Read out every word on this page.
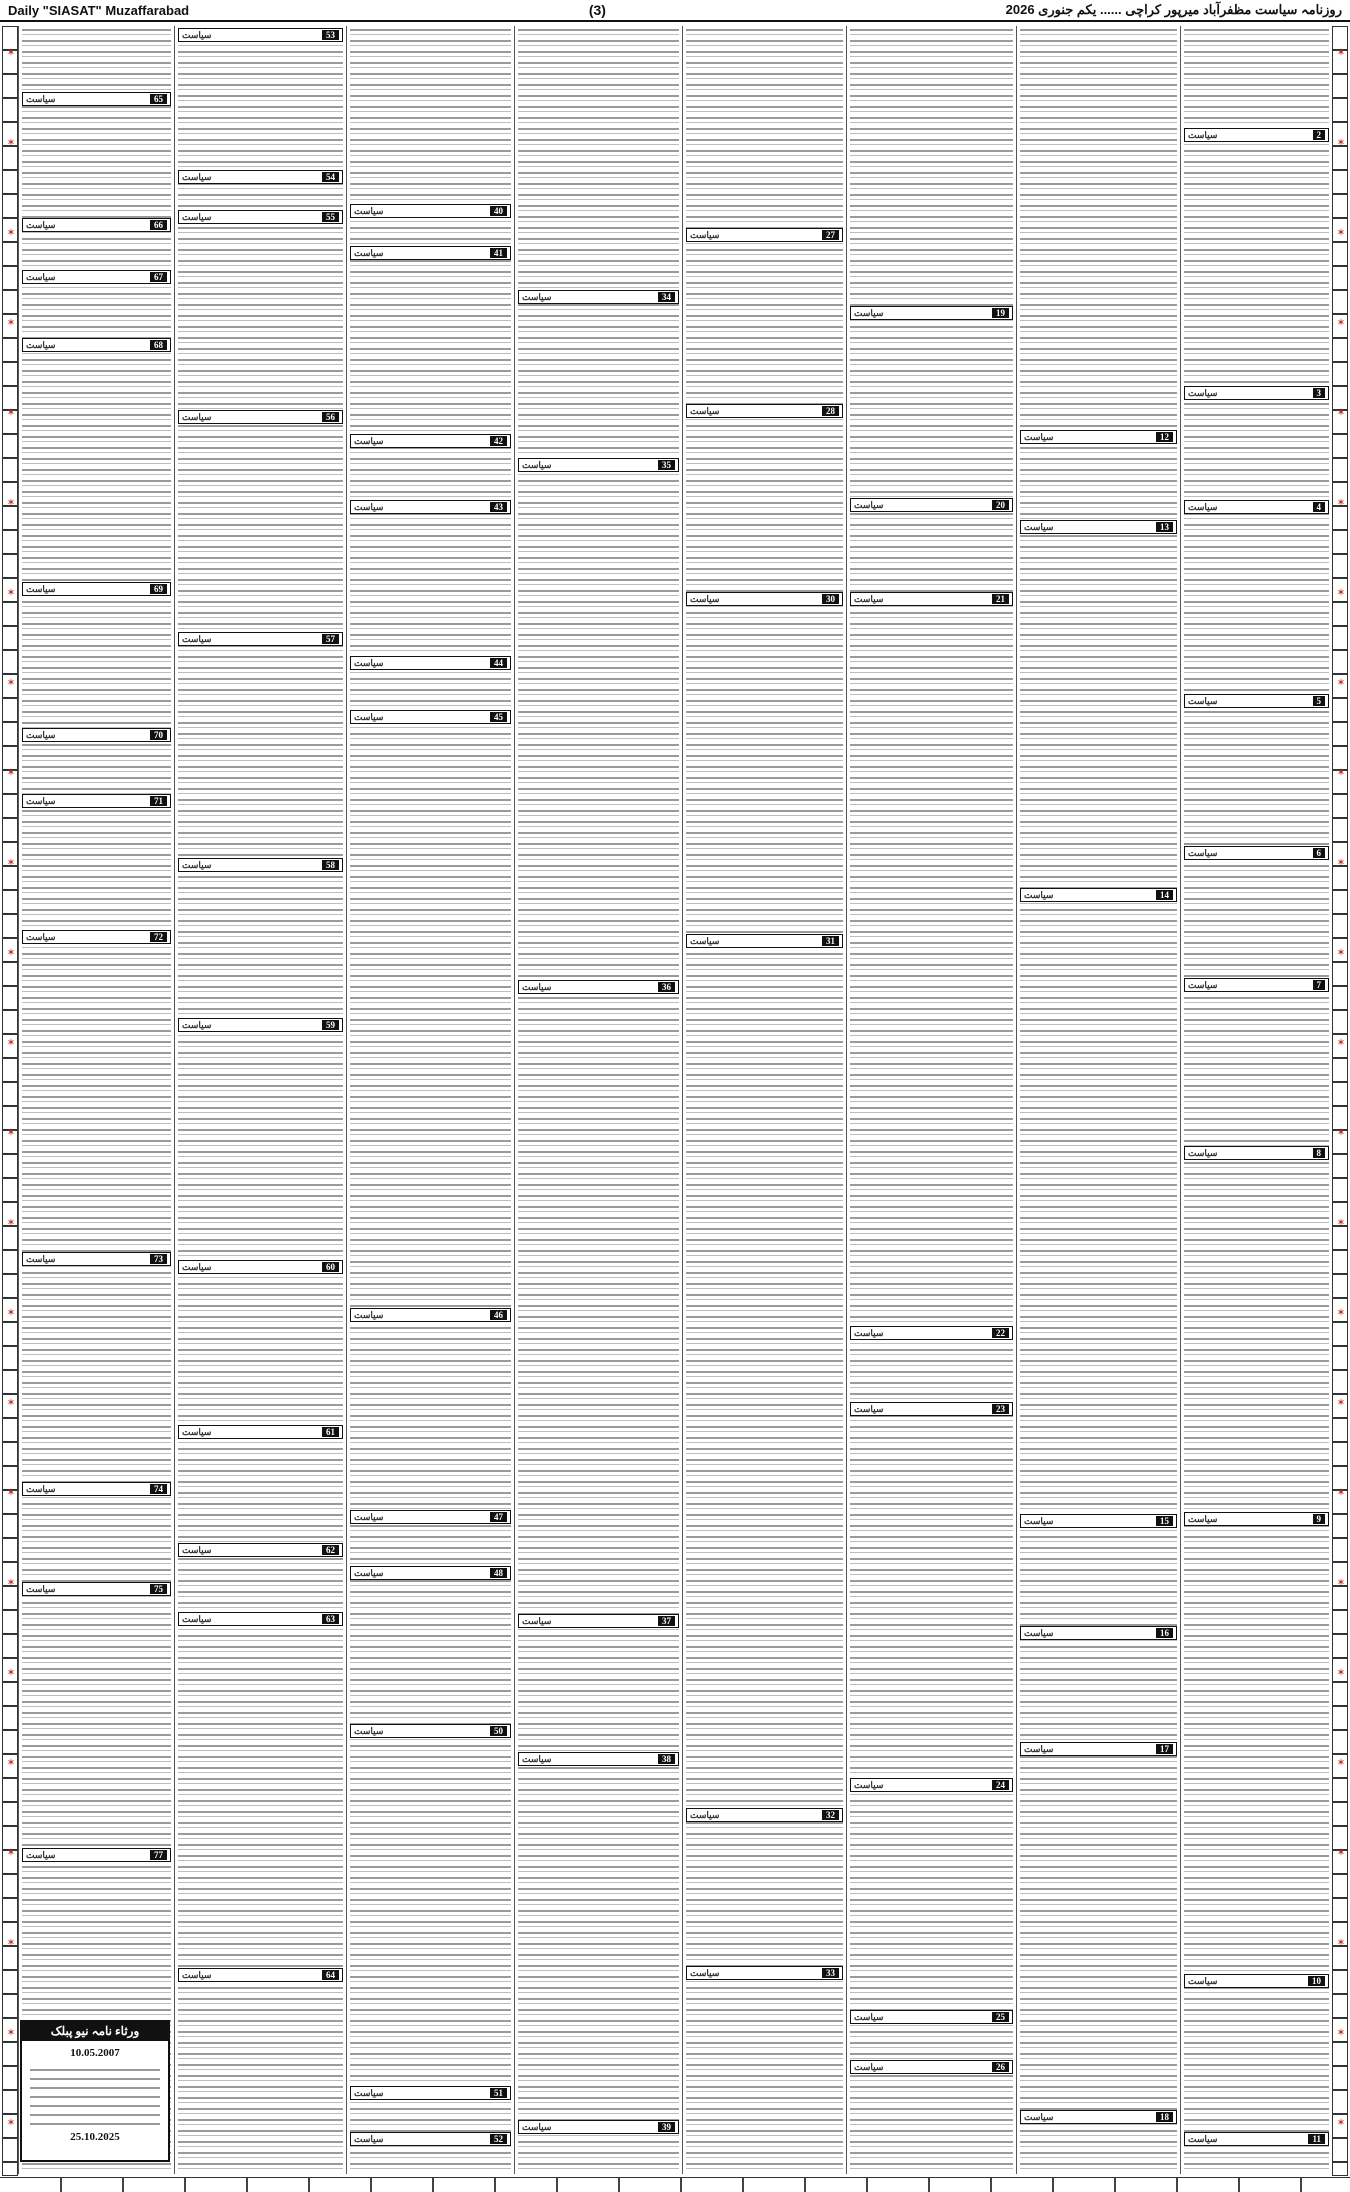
Daily "SIASAT" Muzaffarabad	(3)	روزنامہ سیاست مظفرآباد میرپور کراچی ...... یکم جنوری 2026
✶
✶
✶
✶
✶
✶
✶
✶
✶
✶
✶
✶
✶
✶
✶
✶
✶
✶
✶
✶
✶
✶
✶
✶
✶
✶
✶
✶
✶
✶
✶
✶
✶
✶
✶
✶
✶
✶
✶
✶
✶
✶
✶
✶
✶
✶
✶
✶
سیاست	65
سیاست	66
سیاست	67
سیاست	68
سیاست	69
سیاست	70
سیاست	71
سیاست	72
سیاست	73
سیاست	74
سیاست	75
سیاست	77
سیاست	53
سیاست	54
سیاست	55
سیاست	56
سیاست	57
سیاست	58
سیاست	59
سیاست	60
سیاست	61
سیاست	62
سیاست	63
سیاست	64
سیاست	40
سیاست	41
سیاست	42
سیاست	43
سیاست	44
سیاست	45
سیاست	46
سیاست	47
سیاست	48
سیاست	50
سیاست	51
سیاست	52
سیاست	34
سیاست	35
سیاست	36
سیاست	37
سیاست	38
سیاست	39
سیاست	27
سیاست	28
سیاست	30
سیاست	31
سیاست	32
سیاست	33
سیاست	19
سیاست	20
سیاست	21
سیاست	22
سیاست	23
سیاست	24
سیاست	25
سیاست	26
سیاست	12
سیاست	13
سیاست	14
سیاست	15
سیاست	16
سیاست	17
سیاست	18
سیاست	2
سیاست	3
سیاست	4
سیاست	5
سیاست	6
سیاست	7
سیاست	8
سیاست	9
سیاست	10
سیاست	11
ورثاء نامہ نیو پبلک
10.05.2007
25.10.2025
